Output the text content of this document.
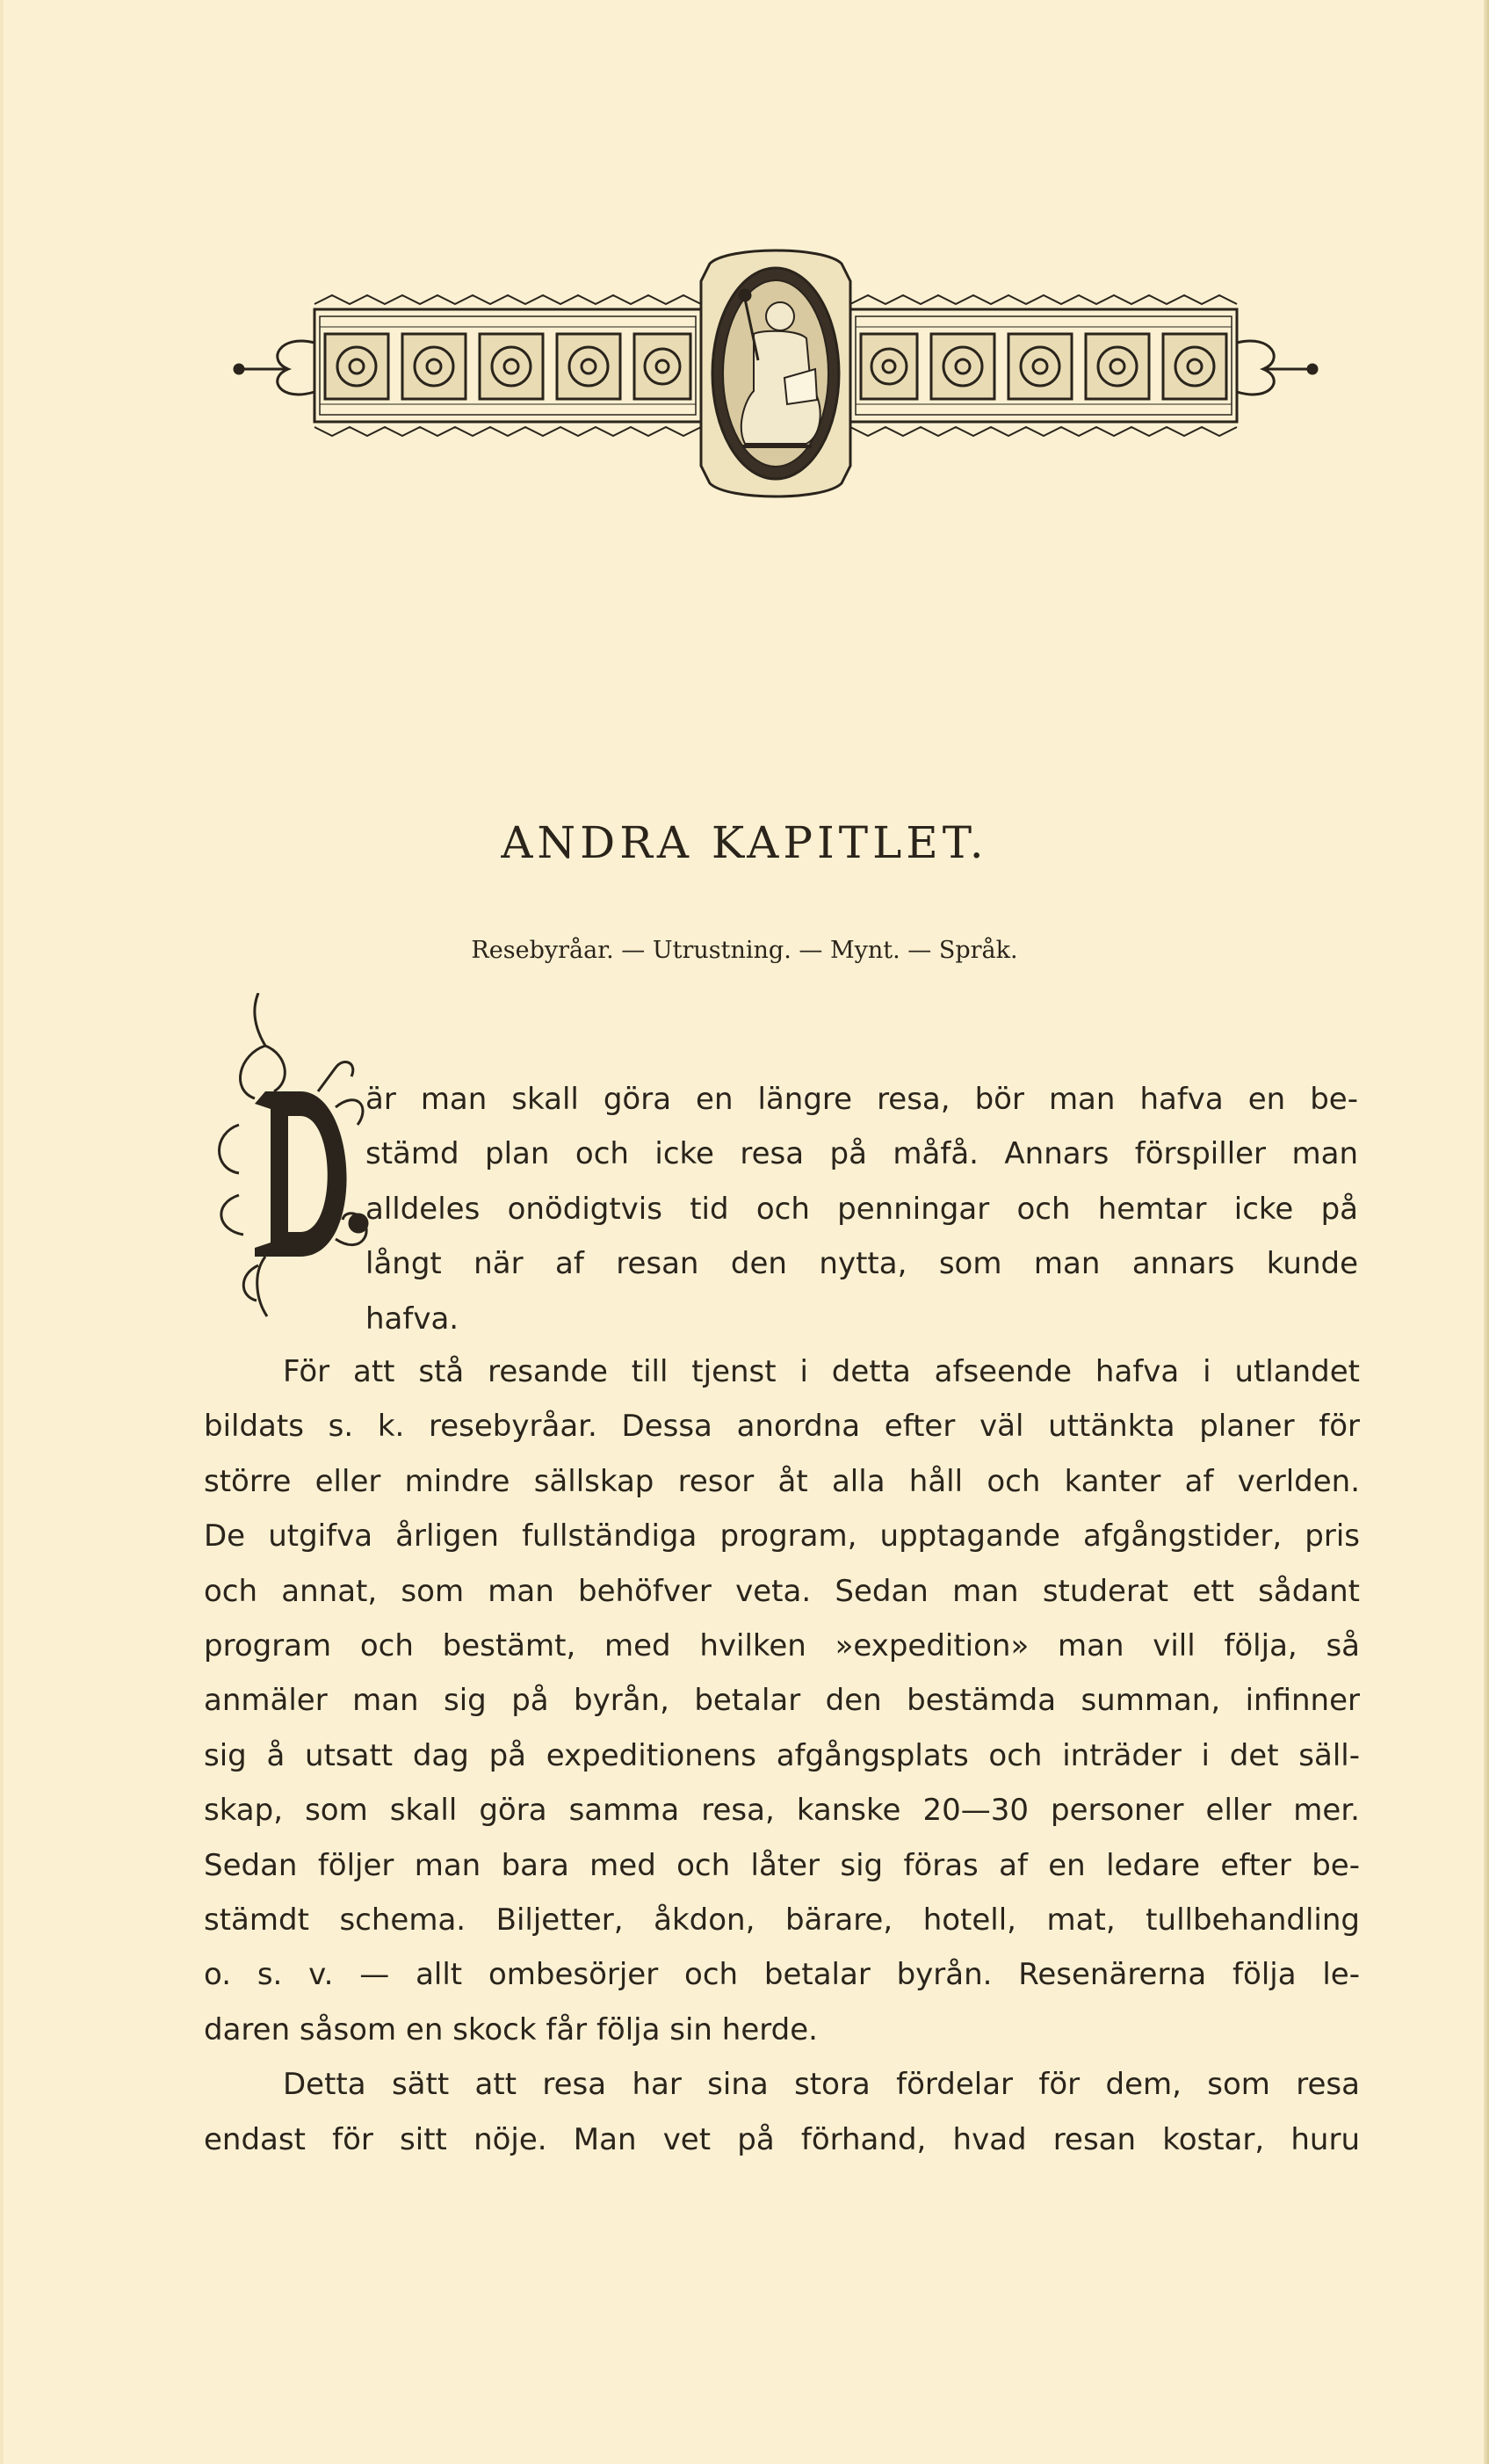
ANDRA KAPITLET.
Resebyråar. — Utrustning. — Mynt. — Språk.
är man skall göra en längre resa, bör man hafva en be-
stämd plan och icke resa på måfå. Annars förspiller man
alldeles onödigtvis tid och penningar och hemtar icke på
långt när af resan den nytta, som man annars kunde
hafva.
För att stå resande till tjenst i detta afseende hafva i utlandet
bildats s. k. resebyråar. Dessa anordna efter väl uttänkta planer för
större eller mindre sällskap resor åt alla håll och kanter af verlden.
De utgifva årligen fullständiga program, upptagande afgångstider, pris
och annat, som man behöfver veta. Sedan man studerat ett sådant
program och bestämt, med hvilken »expedition» man vill följa, så
anmäler man sig på byrån, betalar den bestämda summan, infinner
sig å utsatt dag på expeditionens afgångsplats och inträder i det säll-
skap, som skall göra samma resa, kanske 20—30 personer eller mer.
Sedan följer man bara med och låter sig föras af en ledare efter be-
stämdt schema. Biljetter, åkdon, bärare, hotell, mat, tullbehandling
o. s. v. — allt ombesörjer och betalar byrån. Resenärerna följa le-
daren såsom en skock får följa sin herde.
Detta sätt att resa har sina stora fördelar för dem, som resa
endast för sitt nöje. Man vet på förhand, hvad resan kostar, huru
